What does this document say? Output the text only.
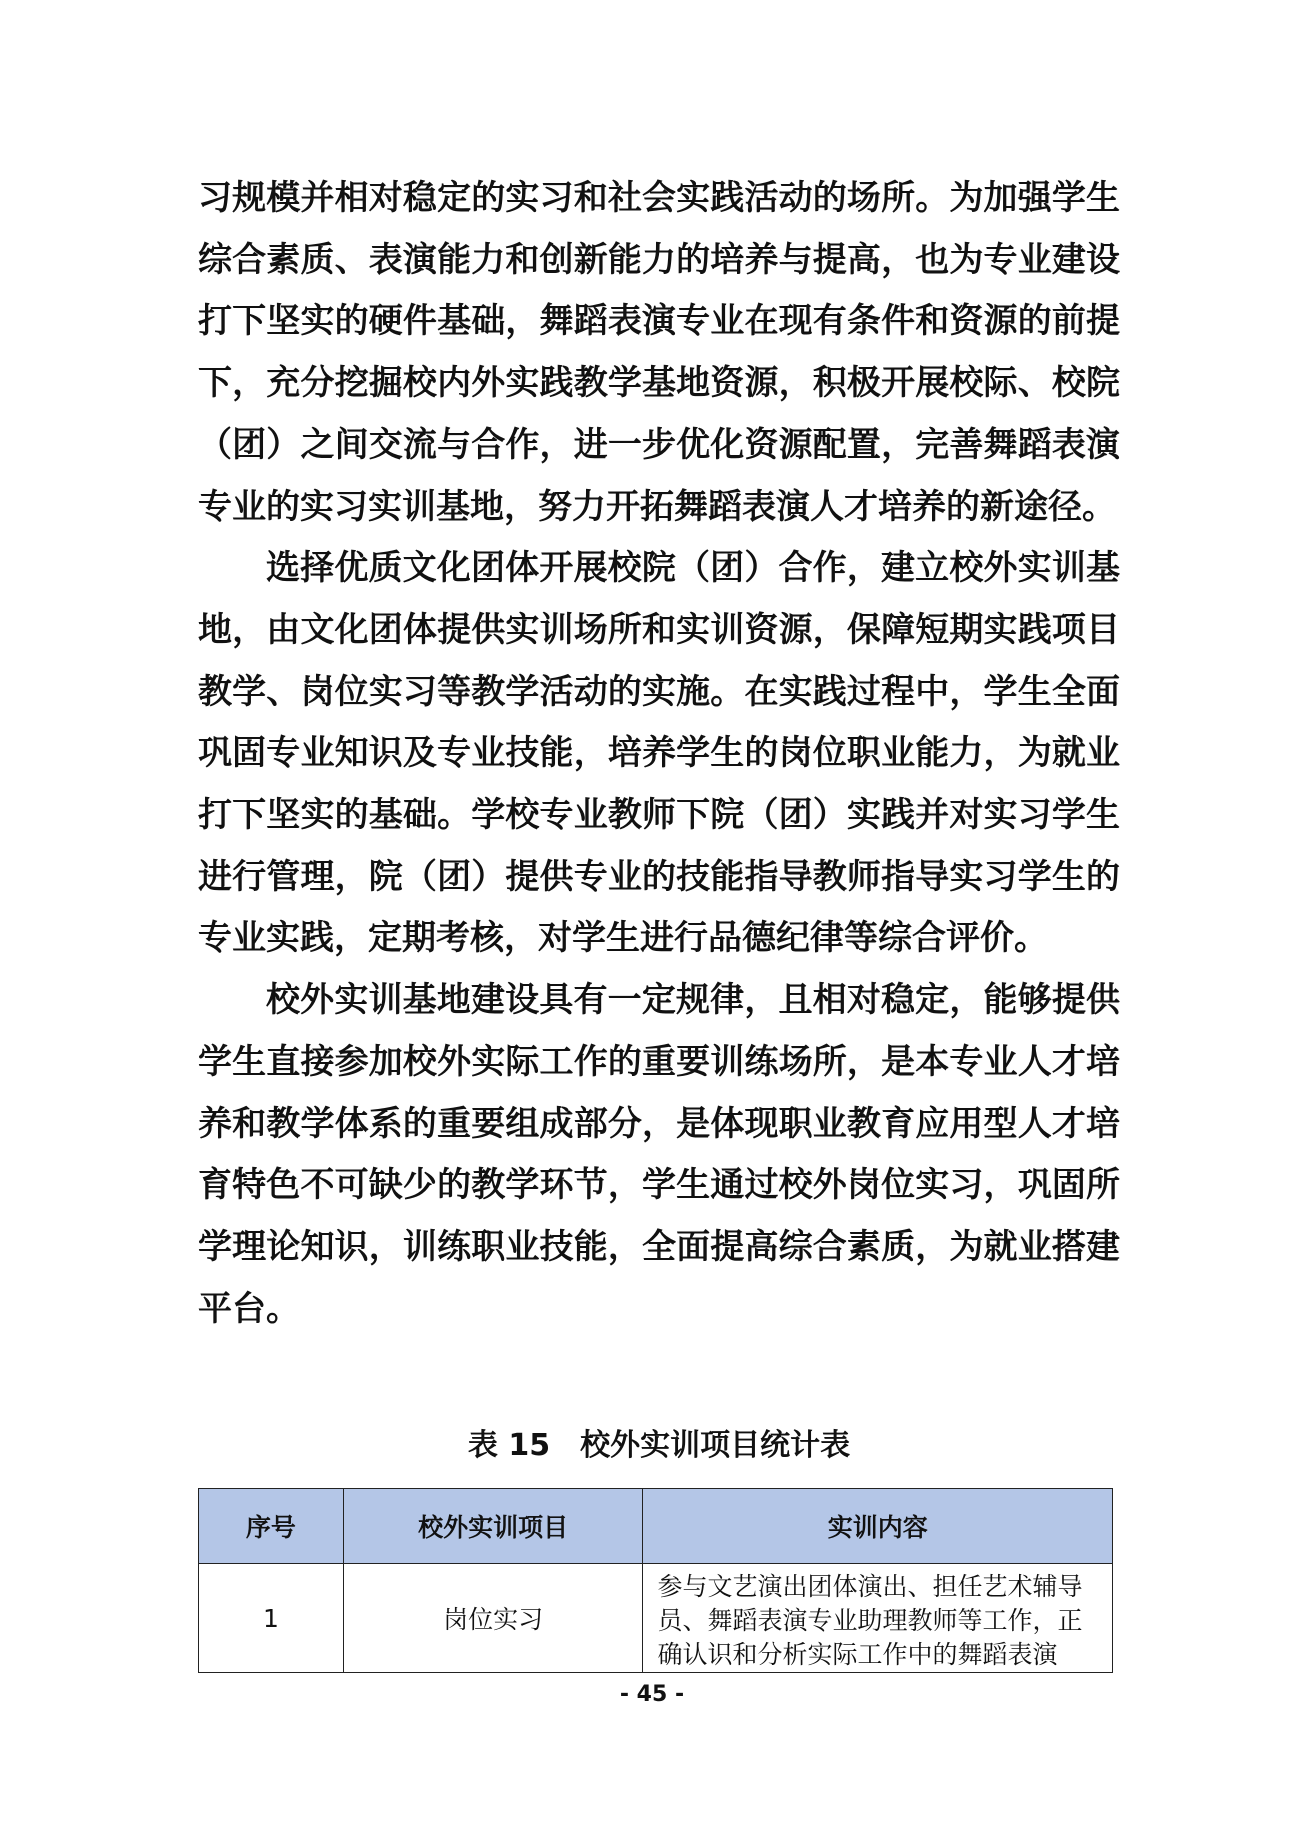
习规模并相对稳定的实习和社会实践活动的场所。为加强学生综合素质、表演能力和创新能力的培养与提高，也为专业建设打下坚实的硬件基础，舞蹈表演专业在现有条件和资源的前提下，充分挖掘校内外实践教学基地资源，积极开展校际、校院（团）之间交流与合作，进一步优化资源配置，完善舞蹈表演专业的实习实训基地，努力开拓舞蹈表演人才培养的新途径。

选择优质文化团体开展校院（团）合作，建立校外实训基地，由文化团体提供实训场所和实训资源，保障短期实践项目教学、岗位实习等教学活动的实施。在实践过程中，学生全面巩固专业知识及专业技能，培养学生的岗位职业能力，为就业打下坚实的基础。学校专业教师下院（团）实践并对实习学生进行管理，院（团）提供专业的技能指导教师指导实习学生的专业实践，定期考核，对学生进行品德纪律等综合评价。

校外实训基地建设具有一定规律，且相对稳定，能够提供学生直接参加校外实际工作的重要训练场所，是本专业人才培养和教学体系的重要组成部分，是体现职业教育应用型人才培育特色不可缺少的教学环节，学生通过校外岗位实习，巩固所学理论知识，训练职业技能，全面提高综合素质，为就业搭建平台。

表 15 校外实训项目统计表
序号	校外实训项目	实训内容
1	岗位实习	参与文艺演出团体演出、担任艺术辅导员、舞蹈表演专业助理教师等工作，正确认识和分析实际工作中的舞蹈表演
- 45 -
